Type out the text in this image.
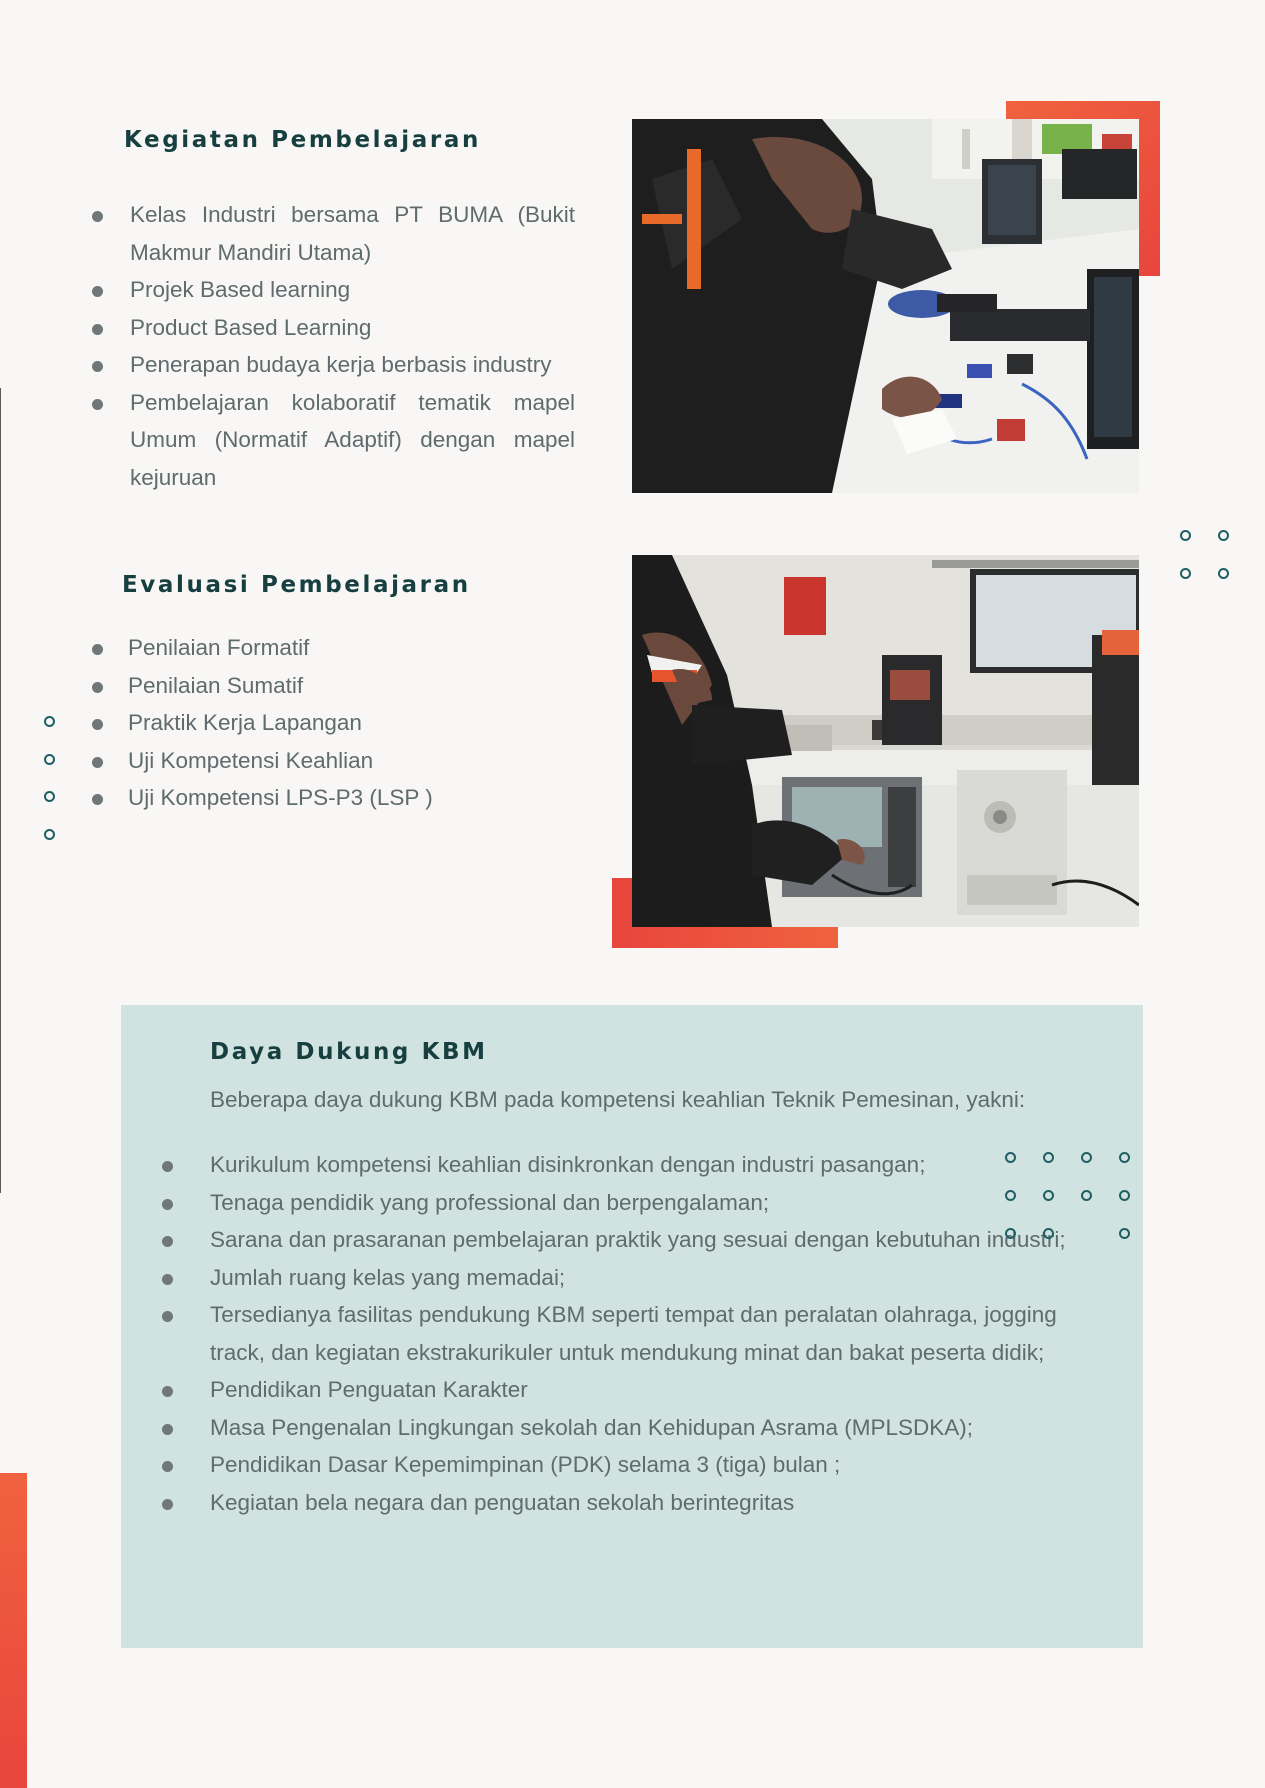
Kegiatan Pembelajaran
Kelas Industri bersama PT BUMA (Bukit Makmur Mandiri Utama)
Projek Based learning
Product Based Learning
Penerapan budaya kerja berbasis industry
Pembelajaran kolaboratif tematik mapel Umum (Normatif Adaptif) dengan mapel kejuruan
Evaluasi Pembelajaran
Penilaian Formatif
Penilaian Sumatif
Praktik Kerja Lapangan
Uji Kompetensi Keahlian
Uji Kompetensi LPS-P3 (LSP )
Daya Dukung KBM

Beberapa daya dukung KBM pada kompetensi keahlian Teknik Pemesinan, yakni:

Kurikulum kompetensi keahlian disinkronkan dengan industri pasangan;
Tenaga pendidik yang professional dan berpengalaman;
Sarana dan prasaranan pembelajaran praktik yang sesuai dengan kebutuhan industri;
Jumlah ruang kelas yang memadai;
Tersedianya fasilitas pendukung KBM seperti tempat dan peralatan olahraga, jogging track, dan kegiatan ekstrakurikuler untuk mendukung minat dan bakat peserta didik;
Pendidikan Penguatan Karakter
Masa Pengenalan Lingkungan sekolah dan Kehidupan Asrama (MPLSDKA);
Pendidikan Dasar Kepemimpinan (PDK) selama 3 (tiga) bulan ;
Kegiatan bela negara dan penguatan sekolah berintegritas
